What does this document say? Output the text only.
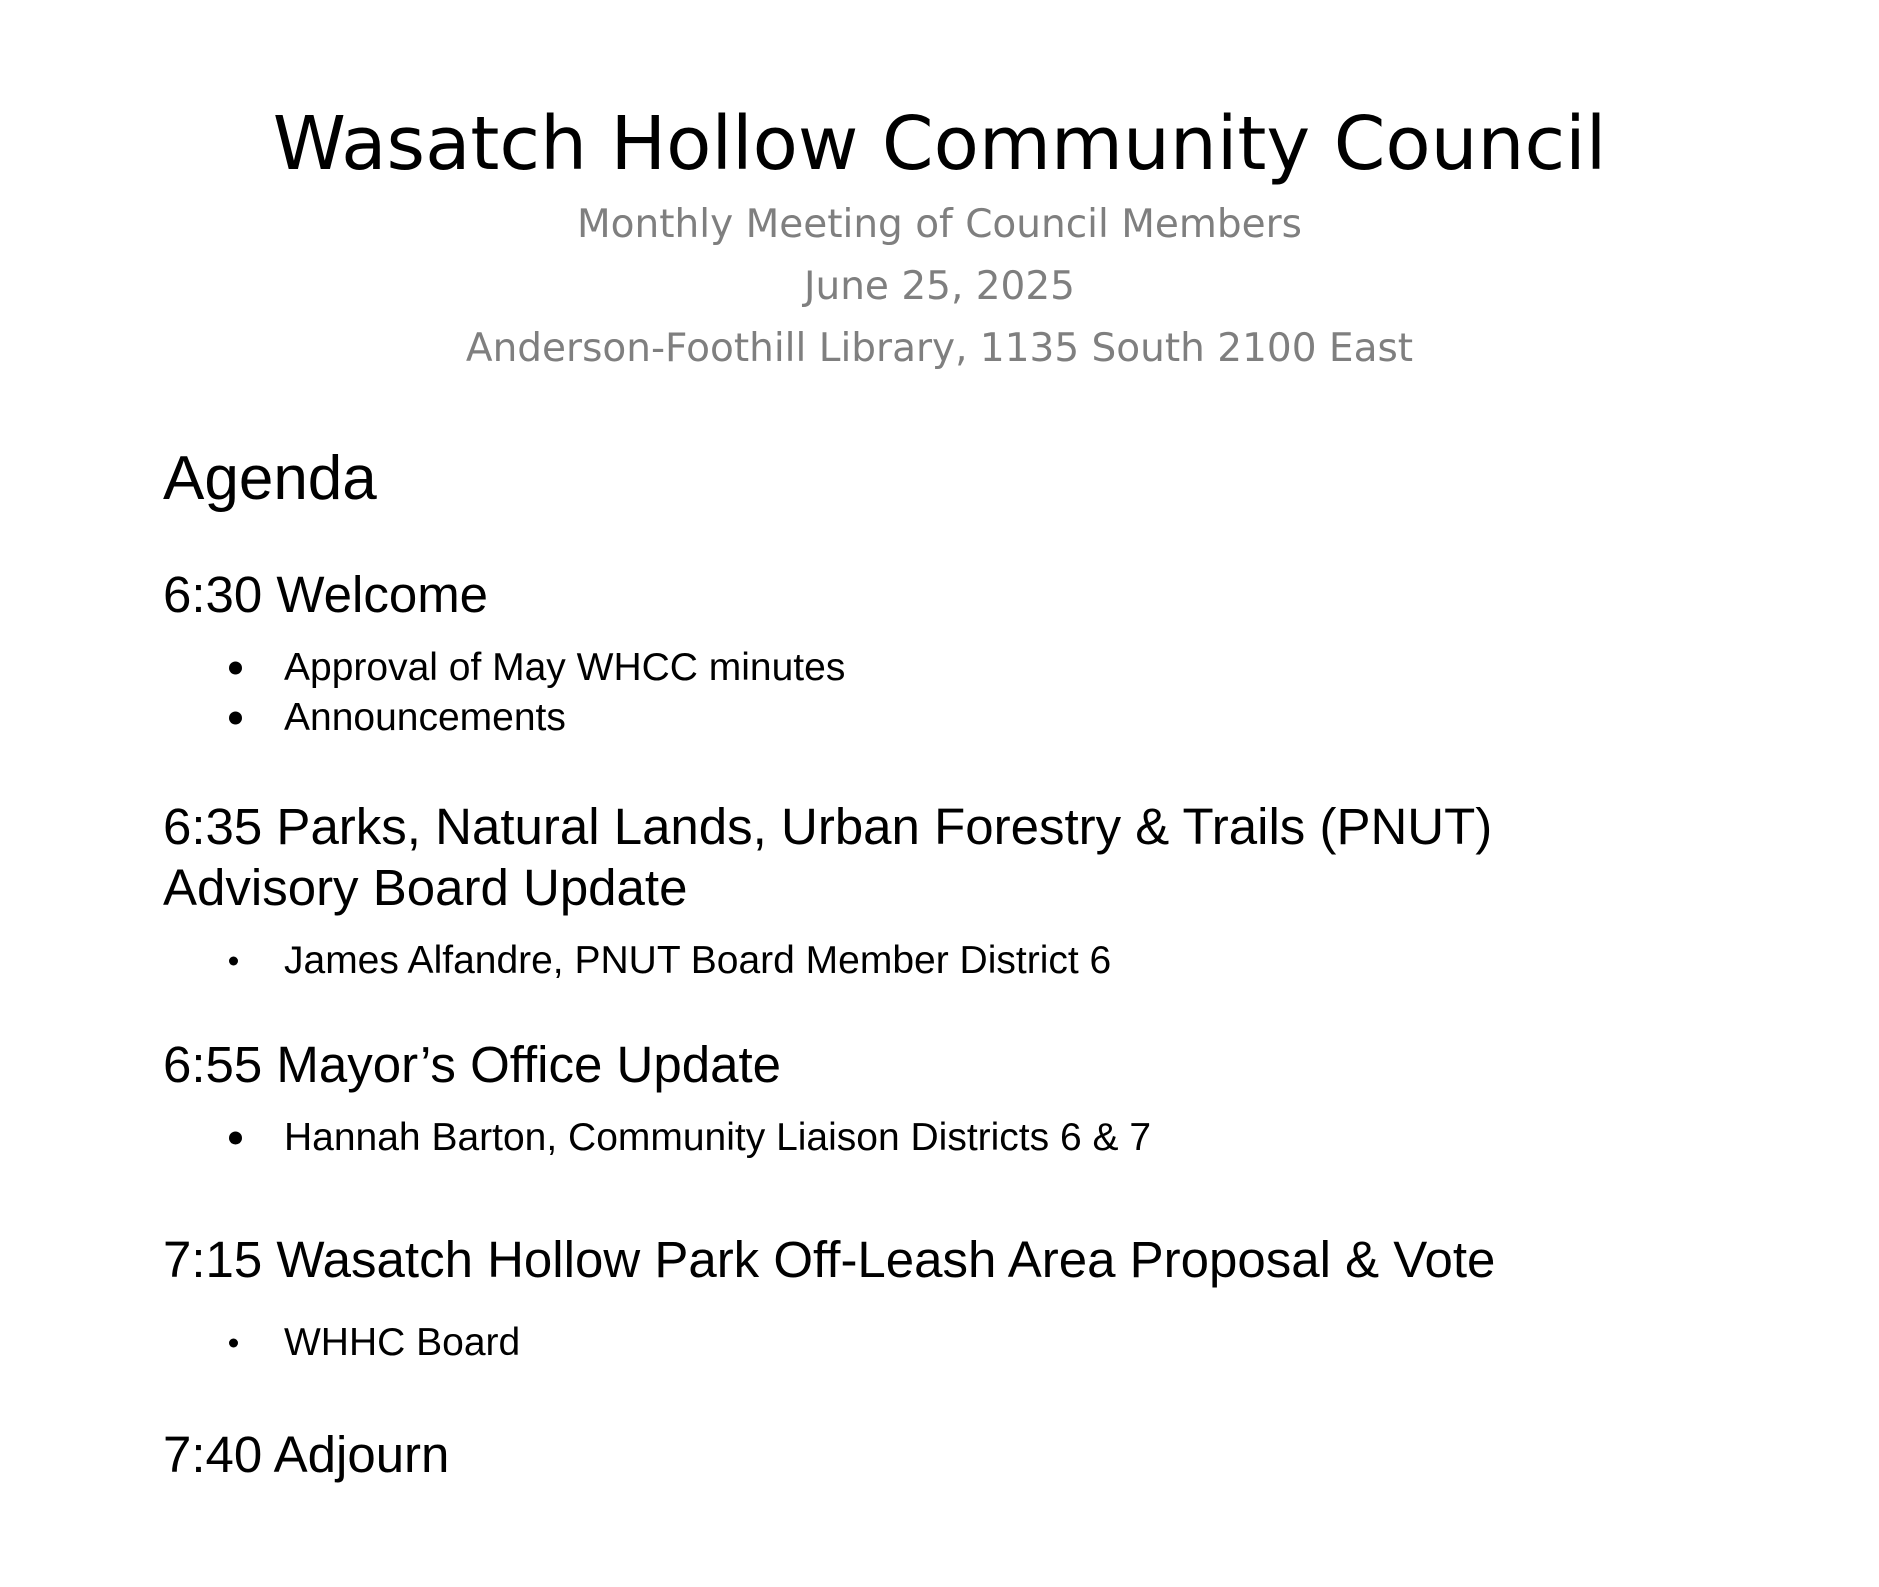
Wasatch Hollow Community Council

Monthly Meeting of Council Members

June 25, 2025

Anderson-Foothill Library, 1135 South 2100 East

Agenda
6:30 Welcome
Approval of May WHCC minutes
Announcements
6:35 Parks, Natural Lands, Urban Forestry & Trails (PNUT)
Advisory Board Update
James Alfandre, PNUT Board Member District 6
6:55 Mayor’s Office Update
Hannah Barton, Community Liaison Districts 6 & 7
7:15 Wasatch Hollow Park Off-Leash Area Proposal & Vote
WHHC Board
7:40 Adjourn
